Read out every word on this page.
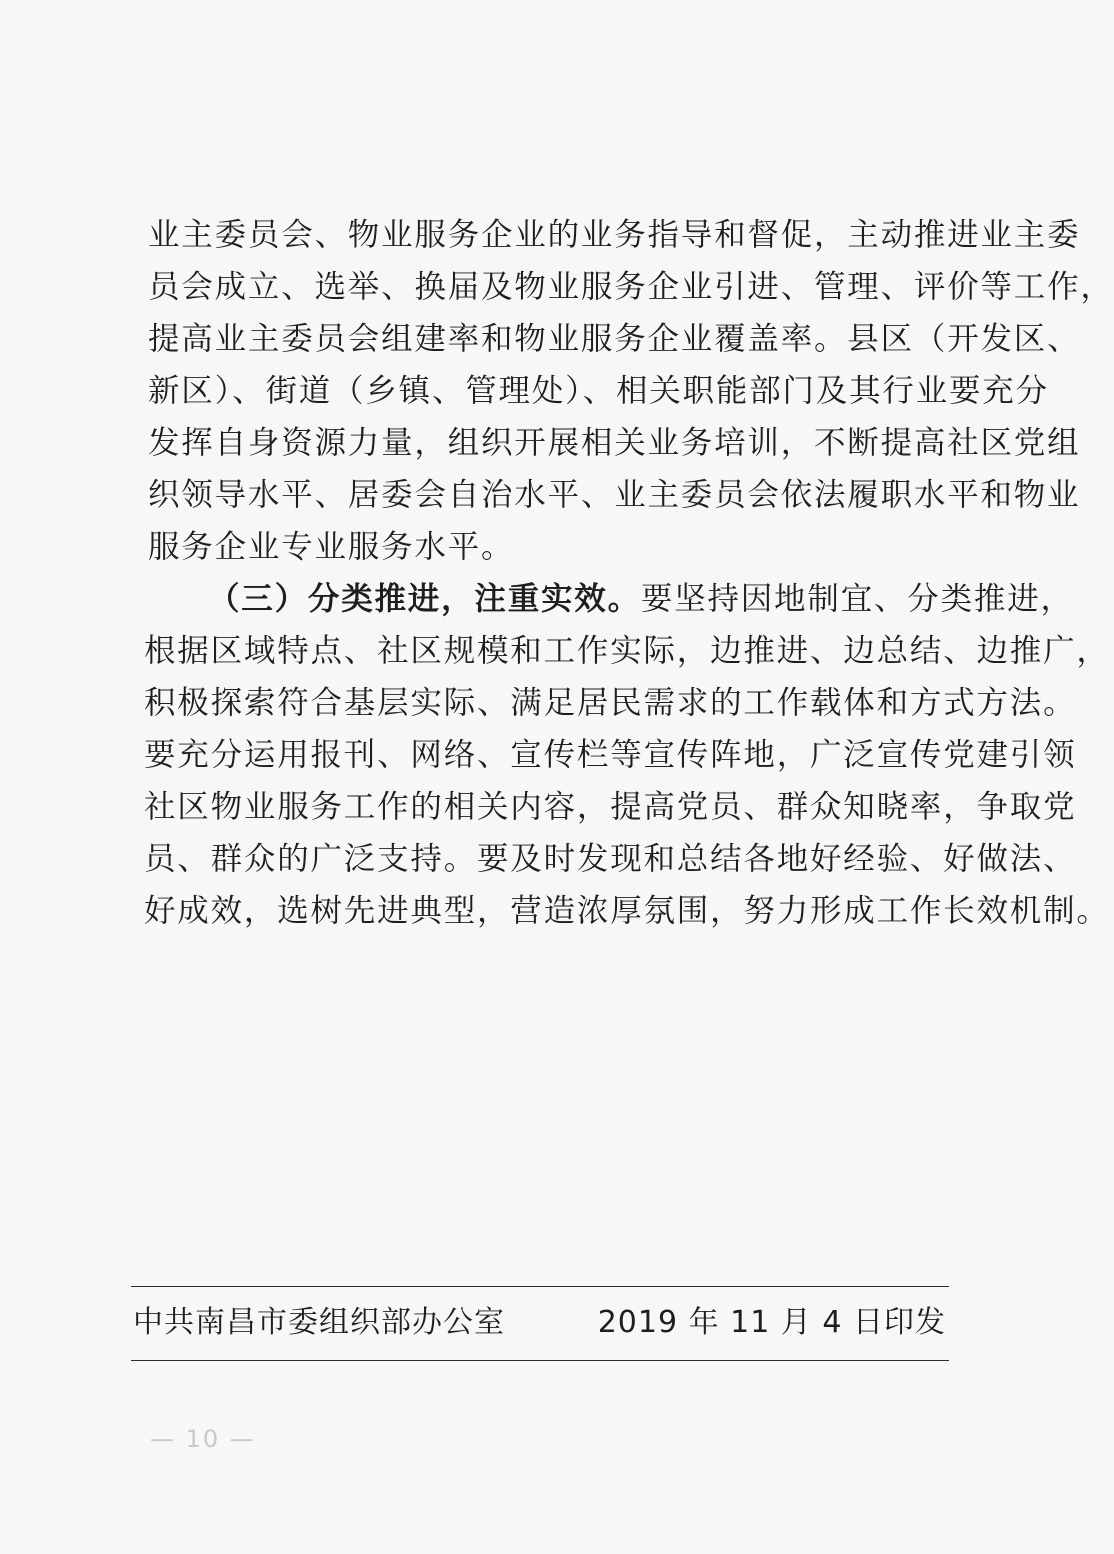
业主委员会、物业服务企业的业务指导和督促，主动推进业主委
员会成立、选举、换届及物业服务企业引进、管理、评价等工作，
提高业主委员会组建率和物业服务企业覆盖率。县区（开发区、
新区）、街道（乡镇、管理处）、相关职能部门及其行业要充分
发挥自身资源力量，组织开展相关业务培训，不断提高社区党组
织领导水平、居委会自治水平、业主委员会依法履职水平和物业
服务企业专业服务水平。
（三）分类推进，注重实效。要坚持因地制宜、分类推进，
根据区域特点、社区规模和工作实际，边推进、边总结、边推广，
积极探索符合基层实际、满足居民需求的工作载体和方式方法。
要充分运用报刊、网络、宣传栏等宣传阵地，广泛宣传党建引领
社区物业服务工作的相关内容，提高党员、群众知晓率，争取党
员、群众的广泛支持。要及时发现和总结各地好经验、好做法、
好成效，选树先进典型，营造浓厚氛围，努力形成工作长效机制。
中共南昌市委组织部办公室	2019 年 11 月 4 日印发
— 10 —
